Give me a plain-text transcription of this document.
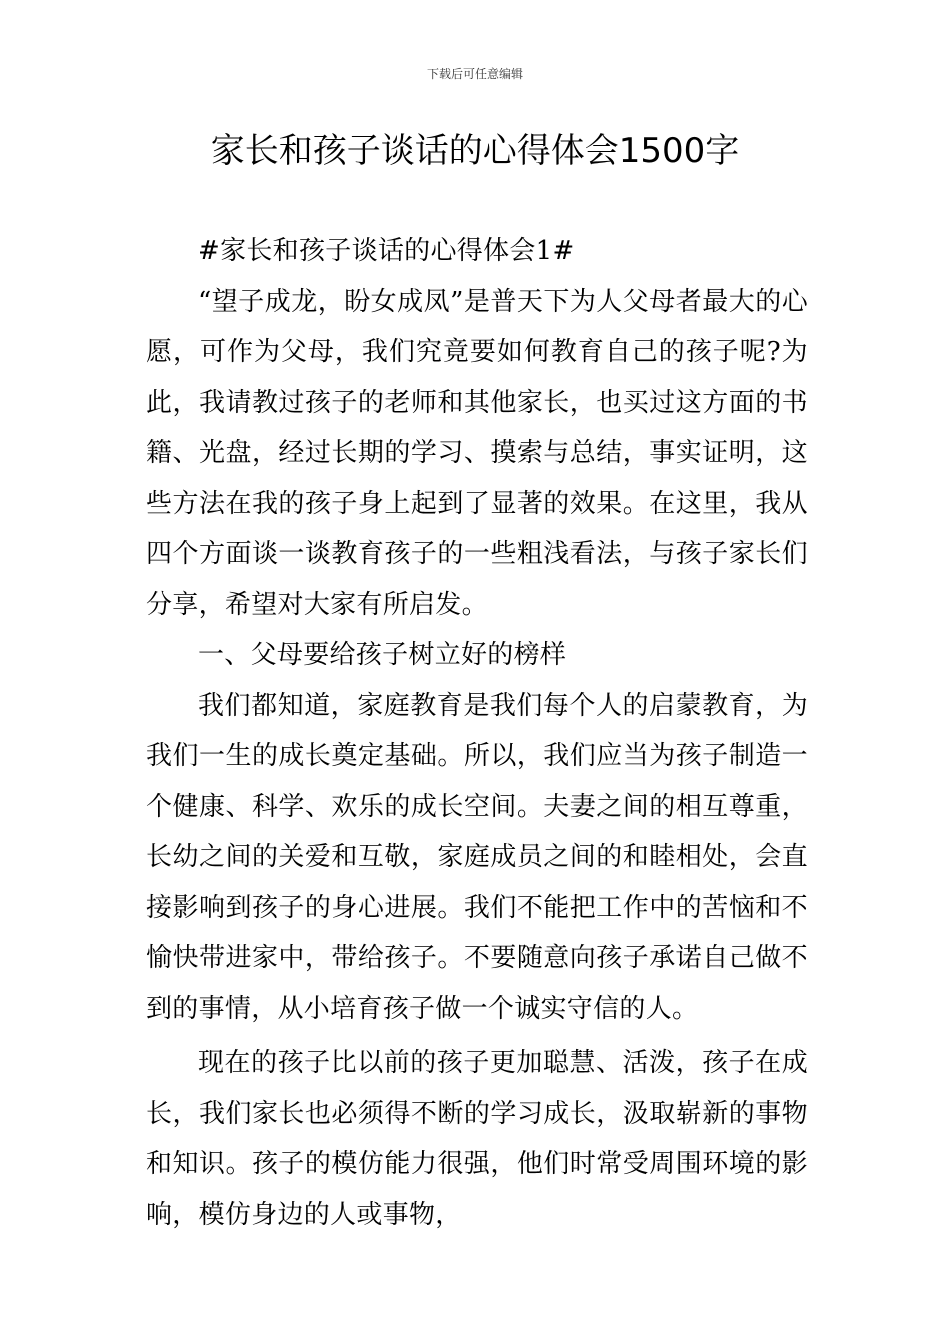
下载后可任意编辑
家长和孩子谈话的心得体会1500字

#家长和孩子谈话的心得体会1#

“望子成龙，盼女成凤”是普天下为人父母者最大的心愿，可作为父母，我们究竟要如何教育自己的孩子呢?为此，我请教过孩子的老师和其他家长，也买过这方面的书籍、光盘，经过长期的学习、摸索与总结，事实证明，这些方法在我的孩子身上起到了显著的效果。在这里，我从四个方面谈一谈教育孩子的一些粗浅看法，与孩子家长们分享，希望对大家有所启发。

一、父母要给孩子树立好的榜样

我们都知道，家庭教育是我们每个人的启蒙教育，为我们一生的成长奠定基础。所以，我们应当为孩子制造一个健康、科学、欢乐的成长空间。夫妻之间的相互尊重，长幼之间的关爱和互敬，家庭成员之间的和睦相处，会直接影响到孩子的身心进展。我们不能把工作中的苦恼和不愉快带进家中，带给孩子。不要随意向孩子承诺自己做不到的事情，从小培育孩子做一个诚实守信的人。

现在的孩子比以前的孩子更加聪慧、活泼，孩子在成长，我们家长也必须得不断的学习成长，汲取崭新的事物和知识。孩子的模仿能力很强，他们时常受周围环境的影响，模仿身边的人或事物，
